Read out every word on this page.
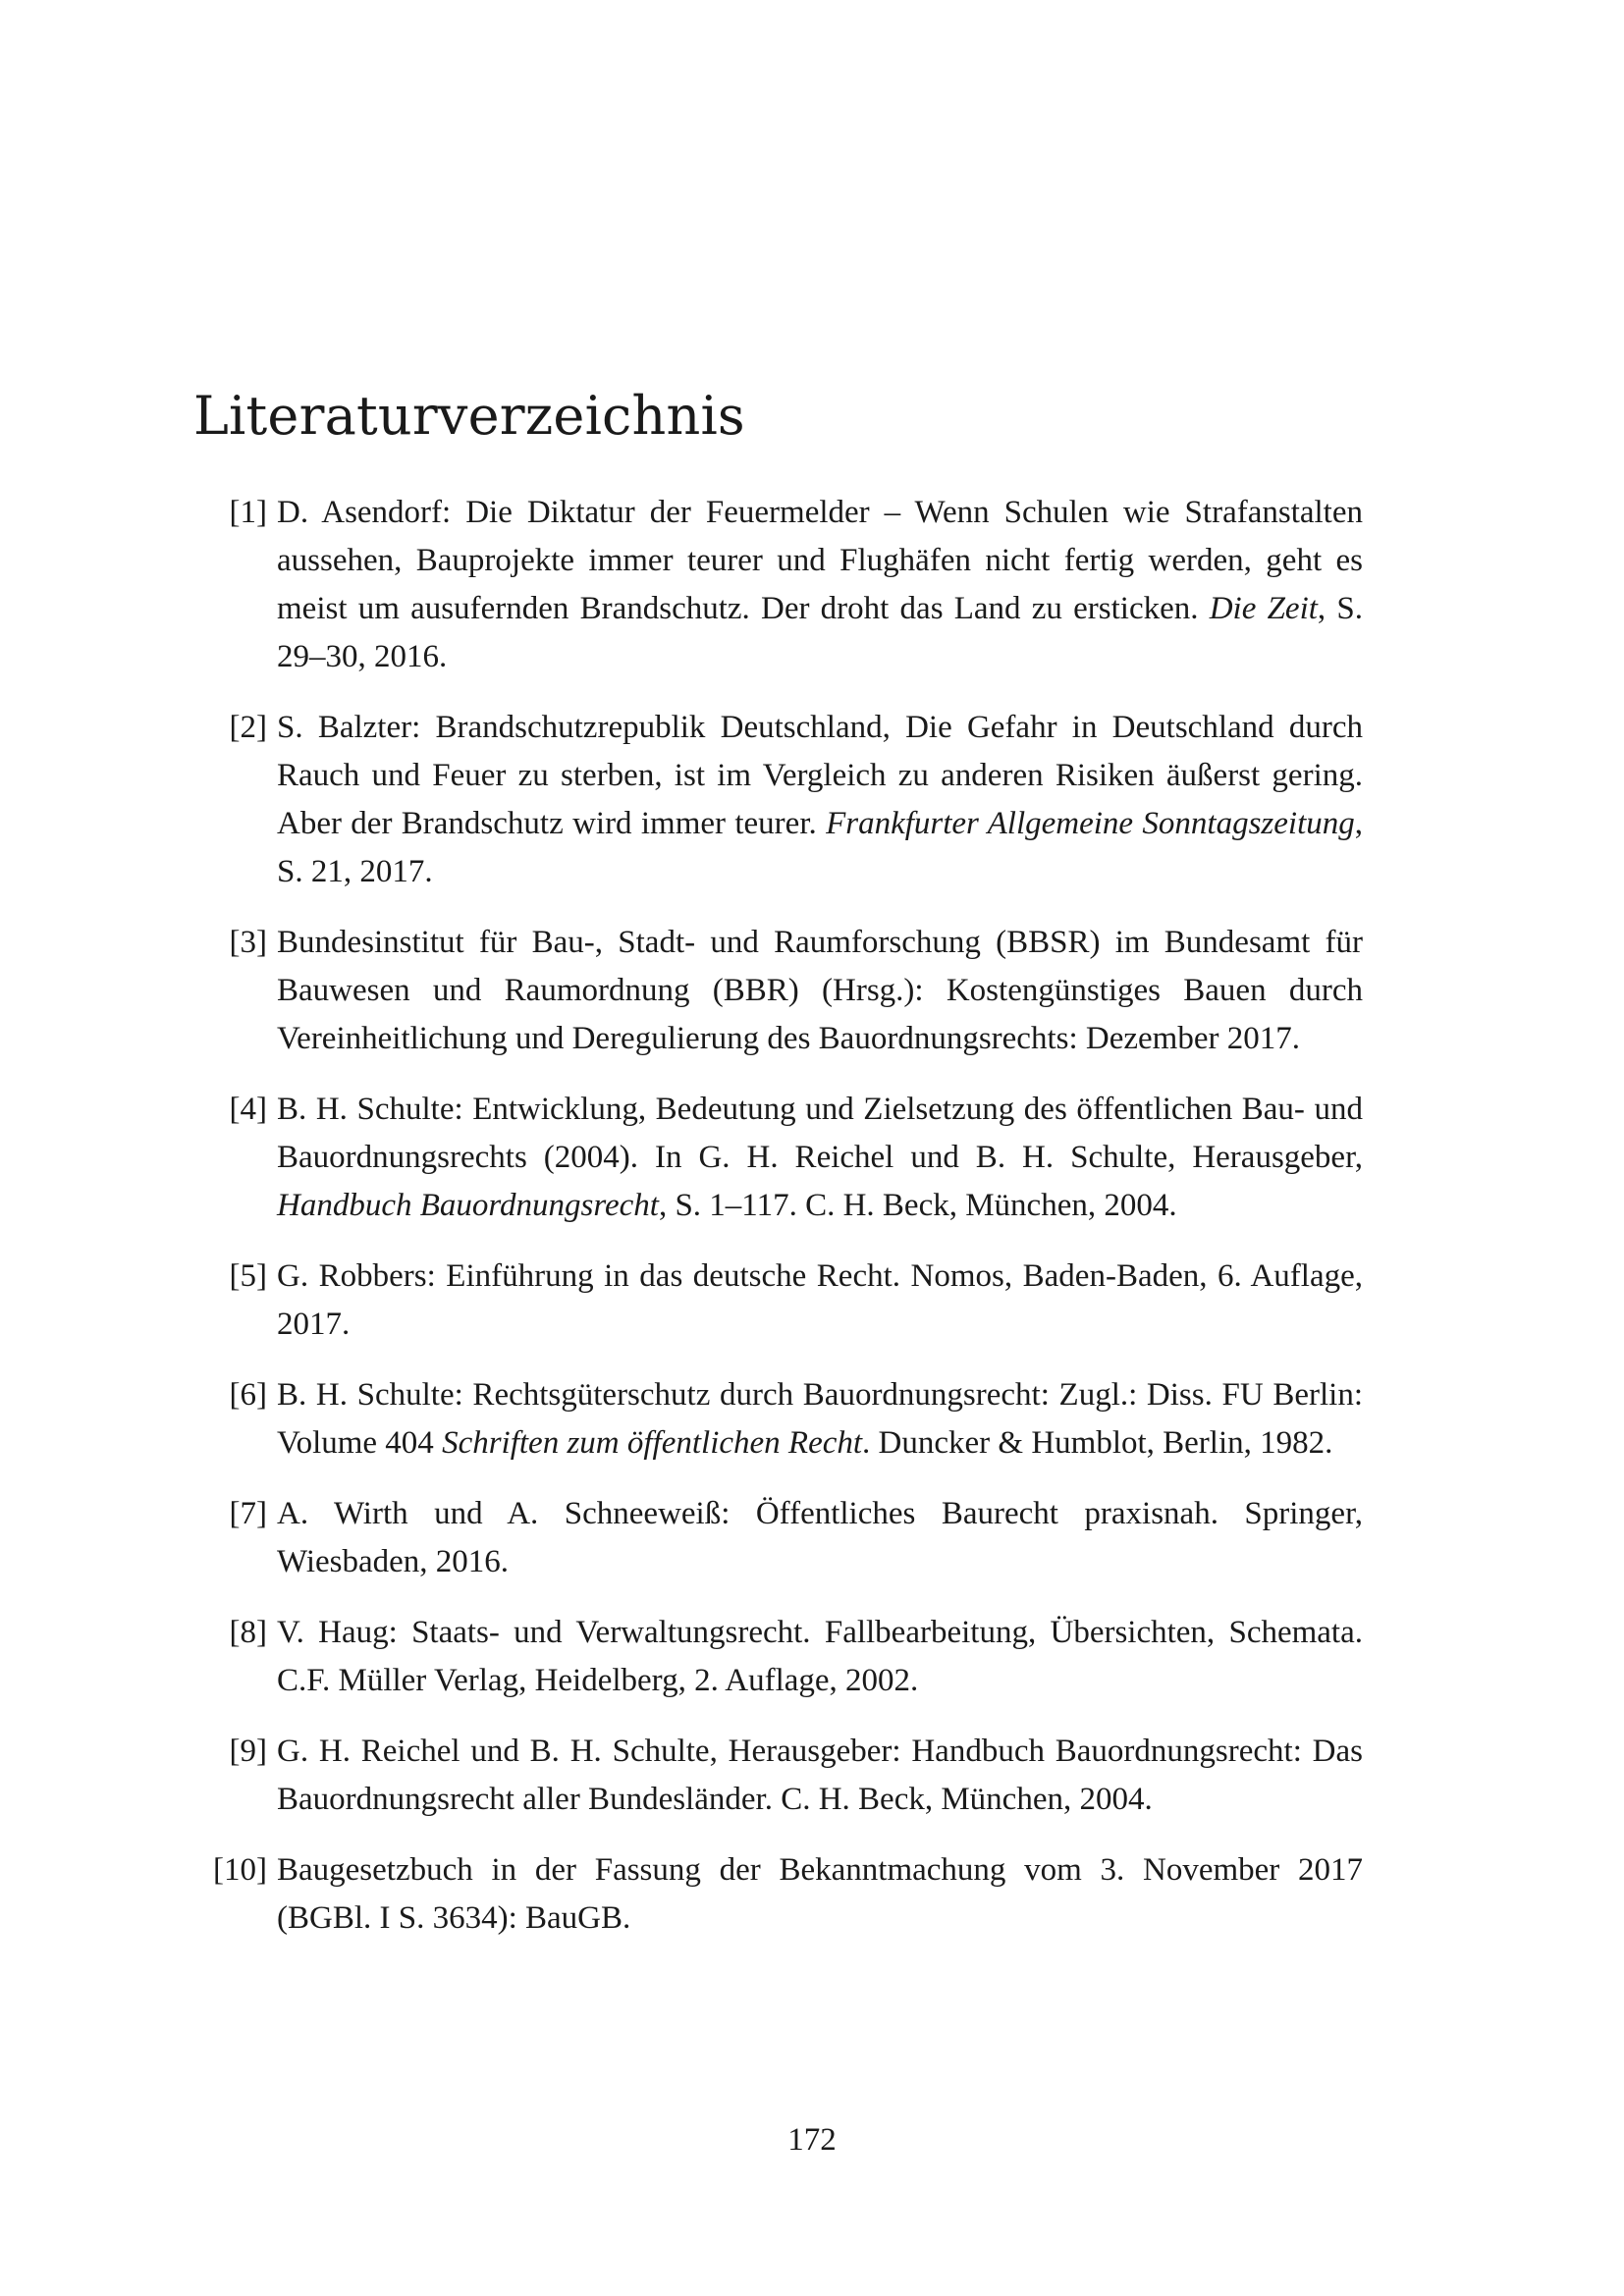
Literaturverzeichnis
[1] D. Asendorf: Die Diktatur der Feuermelder – Wenn Schulen wie Strafanstalten aussehen, Bauprojekte immer teurer und Flughäfen nicht fertig werden, geht es meist um ausufernden Brandschutz. Der droht das Land zu ersticken. Die Zeit, S. 29–30, 2016.
[2] S. Balzter: Brandschutzrepublik Deutschland, Die Gefahr in Deutschland durch Rauch und Feuer zu sterben, ist im Vergleich zu anderen Risiken äußerst gering. Aber der Brandschutz wird immer teurer. Frankfurter Allgemeine Sonntagszeitung, S. 21, 2017.
[3] Bundesinstitut für Bau-, Stadt- und Raumforschung (BBSR) im Bundesamt für Bauwesen und Raumordnung (BBR) (Hrsg.): Kostengünstiges Bauen durch Vereinheitlichung und Deregulierung des Bauordnungsrechts: Dezember 2017.
[4] B. H. Schulte: Entwicklung, Bedeutung und Zielsetzung des öffentlichen Bau- und Bauordnungsrechts (2004). In G. H. Reichel und B. H. Schulte, Herausgeber, Handbuch Bauordnungsrecht, S. 1–117. C. H. Beck, München, 2004.
[5] G. Robbers: Einführung in das deutsche Recht. Nomos, Baden-Baden, 6. Auflage, 2017.
[6] B. H. Schulte: Rechtsgüterschutz durch Bauordnungsrecht: Zugl.: Diss. FU Berlin: Volume 404 Schriften zum öffentlichen Recht. Duncker & Humblot, Berlin, 1982.
[7] A. Wirth und A. Schneeweiß: Öffentliches Baurecht praxisnah. Springer, Wiesbaden, 2016.
[8] V. Haug: Staats- und Verwaltungsrecht. Fallbearbeitung, Übersichten, Schemata. C.F. Müller Verlag, Heidelberg, 2. Auflage, 2002.
[9] G. H. Reichel und B. H. Schulte, Herausgeber: Handbuch Bauordnungsrecht: Das Bauordnungsrecht aller Bundesländer. C. H. Beck, München, 2004.
[10] Baugesetzbuch in der Fassung der Bekanntmachung vom 3. November 2017 (BGBl. I S. 3634): BauGB.
172
